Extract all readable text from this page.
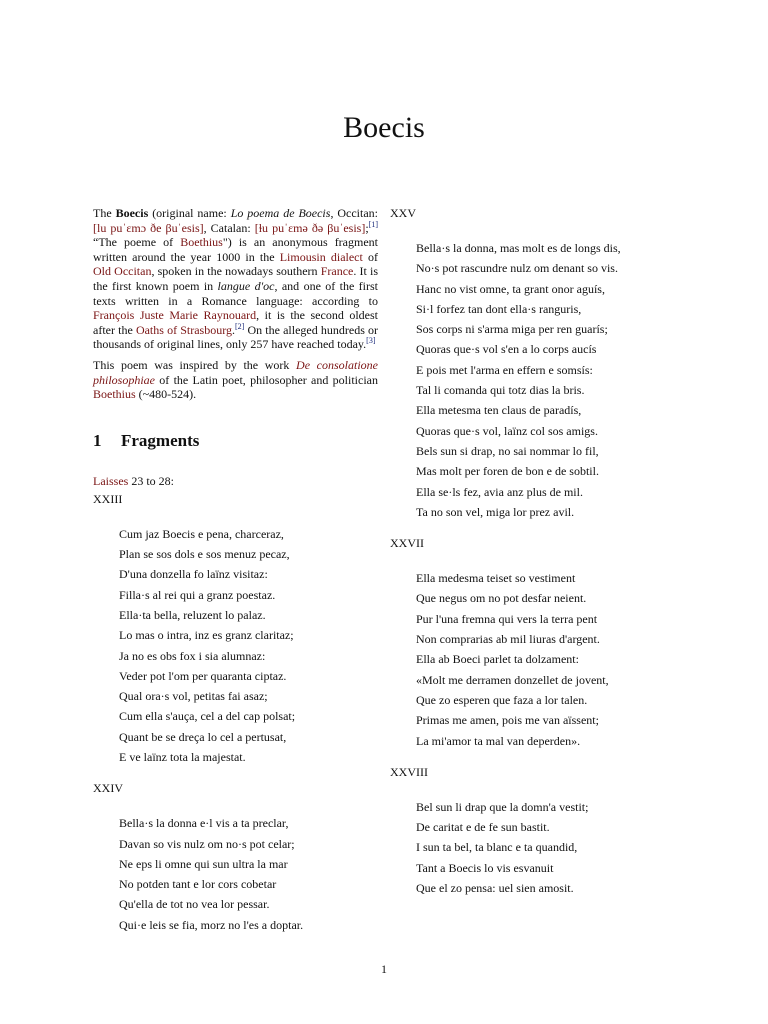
Boecis

The Boecis (original name: Lo poema de Boecis, Occitan: [lu puˈɛmɔ ðe βuˈesis], Catalan: [ɫu puˈɛmə ðə βuˈesis];[1] “The poeme of Boethius") is an anonymous fragment written around the year 1000 in the Limousin dialect of Old Occitan, spoken in the nowadays southern France. It is the first known poem in langue d'oc, and one of the first texts written in a Romance language: according to François Juste Marie Raynouard, it is the second oldest after the Oaths of Strasbourg.[2] On the alleged hundreds or thousands of original lines, only 257 have reached today.[3]

This poem was inspired by the work De consolatione philosophiae of the Latin poet, philosopher and politician Boethius (~480-524).

1 Fragments

Laisses 23 to 28:

XXIII

Cum jaz Boecis e pena, charceraz,
Plan se sos dols e sos menuz pecaz,
D'una donzella fo laïnz visitaz:
Filla·s al rei qui a granz poestaz.
Ella·ta bella, reluzent lo palaz.
Lo mas o intra, inz es granz claritaz;
Ja no es obs fox i sia alumnaz:
Veder pot l'om per quaranta ciptaz.
Qual ora·s vol, petitas fai asaz;
Cum ella s'auça, cel a del cap polsat;
Quant be se dreça lo cel a pertusat,
E ve laïnz tota la majestat.

XXIV

Bella·s la donna e·l vis a ta preclar,
Davan so vis nulz om no·s pot celar;
Ne eps li omne qui sun ultra la mar
No potden tant e lor cors cobetar
Qu'ella de tot no vea lor pessar.
Qui·e leis se fia, morz no l'es a doptar.

XXV

Bella·s la donna, mas molt es de longs dis,
No·s pot rascundre nulz om denant so vis.
Hanc no vist omne, ta grant onor aguís,
Si·l forfez tan dont ella·s ranguris,
Sos corps ni s'arma miga per ren guarís;
Quoras que·s vol s'en a lo corps aucís
E pois met l'arma en effern e somsís:
Tal li comanda qui totz dias la bris.
Ella metesma ten claus de paradís,
Quoras que·s vol, laïnz col sos amigs.
Bels sun si drap, no sai nommar lo fil,
Mas molt per foren de bon e de sobtil.
Ella se·ls fez, avia anz plus de mil.
Ta no son vel, miga lor prez avil.

XXVII

Ella medesma teiset so vestiment
Que negus om no pot desfar neient.
Pur l'una fremna qui vers la terra pent
Non comprarias ab mil liuras d'argent.
Ella ab Boeci parlet ta dolzament:
«Molt me derramen donzellet de jovent,
Que zo esperen que faza a lor talen.
Primas me amen, pois me van aïssent;
La mi'amor ta mal van deperden».

XXVIII

Bel sun li drap que la domn'a vestit;
De caritat e de fe sun bastit.
I sun ta bel, ta blanc e ta quandid,
Tant a Boecis lo vis esvanuit
Que el zo pensa: uel sien amosit.
1
